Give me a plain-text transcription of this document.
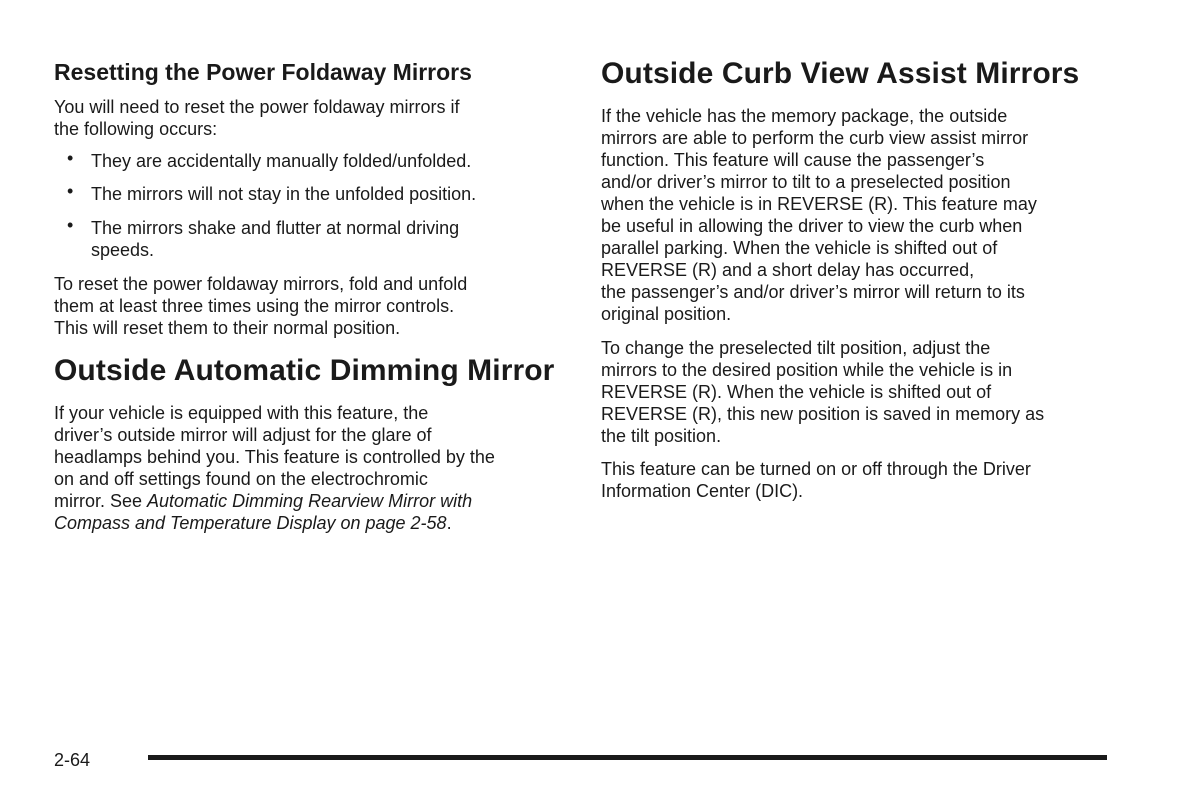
Resetting the Power Foldaway Mirrors

You will need to reset the power foldaway mirrors if
the following occurs:

• They are accidentally manually folded/unfolded.
• The mirrors will not stay in the unfolded position.
• The mirrors shake and flutter at normal driving
speeds.

To reset the power foldaway mirrors, fold and unfold
them at least three times using the mirror controls.
This will reset them to their normal position.

Outside Automatic Dimming Mirror

If your vehicle is equipped with this feature, the
driver’s outside mirror will adjust for the glare of
headlamps behind you. This feature is controlled by the
on and off settings found on the electrochromic
mirror. See Automatic Dimming Rearview Mirror with
Compass and Temperature Display on page 2-58.

Outside Curb View Assist Mirrors

If the vehicle has the memory package, the outside
mirrors are able to perform the curb view assist mirror
function. This feature will cause the passenger’s
and/or driver’s mirror to tilt to a preselected position
when the vehicle is in REVERSE (R). This feature may
be useful in allowing the driver to view the curb when
parallel parking. When the vehicle is shifted out of
REVERSE (R) and a short delay has occurred,
the passenger’s and/or driver’s mirror will return to its
original position.

To change the preselected tilt position, adjust the
mirrors to the desired position while the vehicle is in
REVERSE (R). When the vehicle is shifted out of
REVERSE (R), this new position is saved in memory as
the tilt position.

This feature can be turned on or off through the Driver
Information Center (DIC).

2-64
